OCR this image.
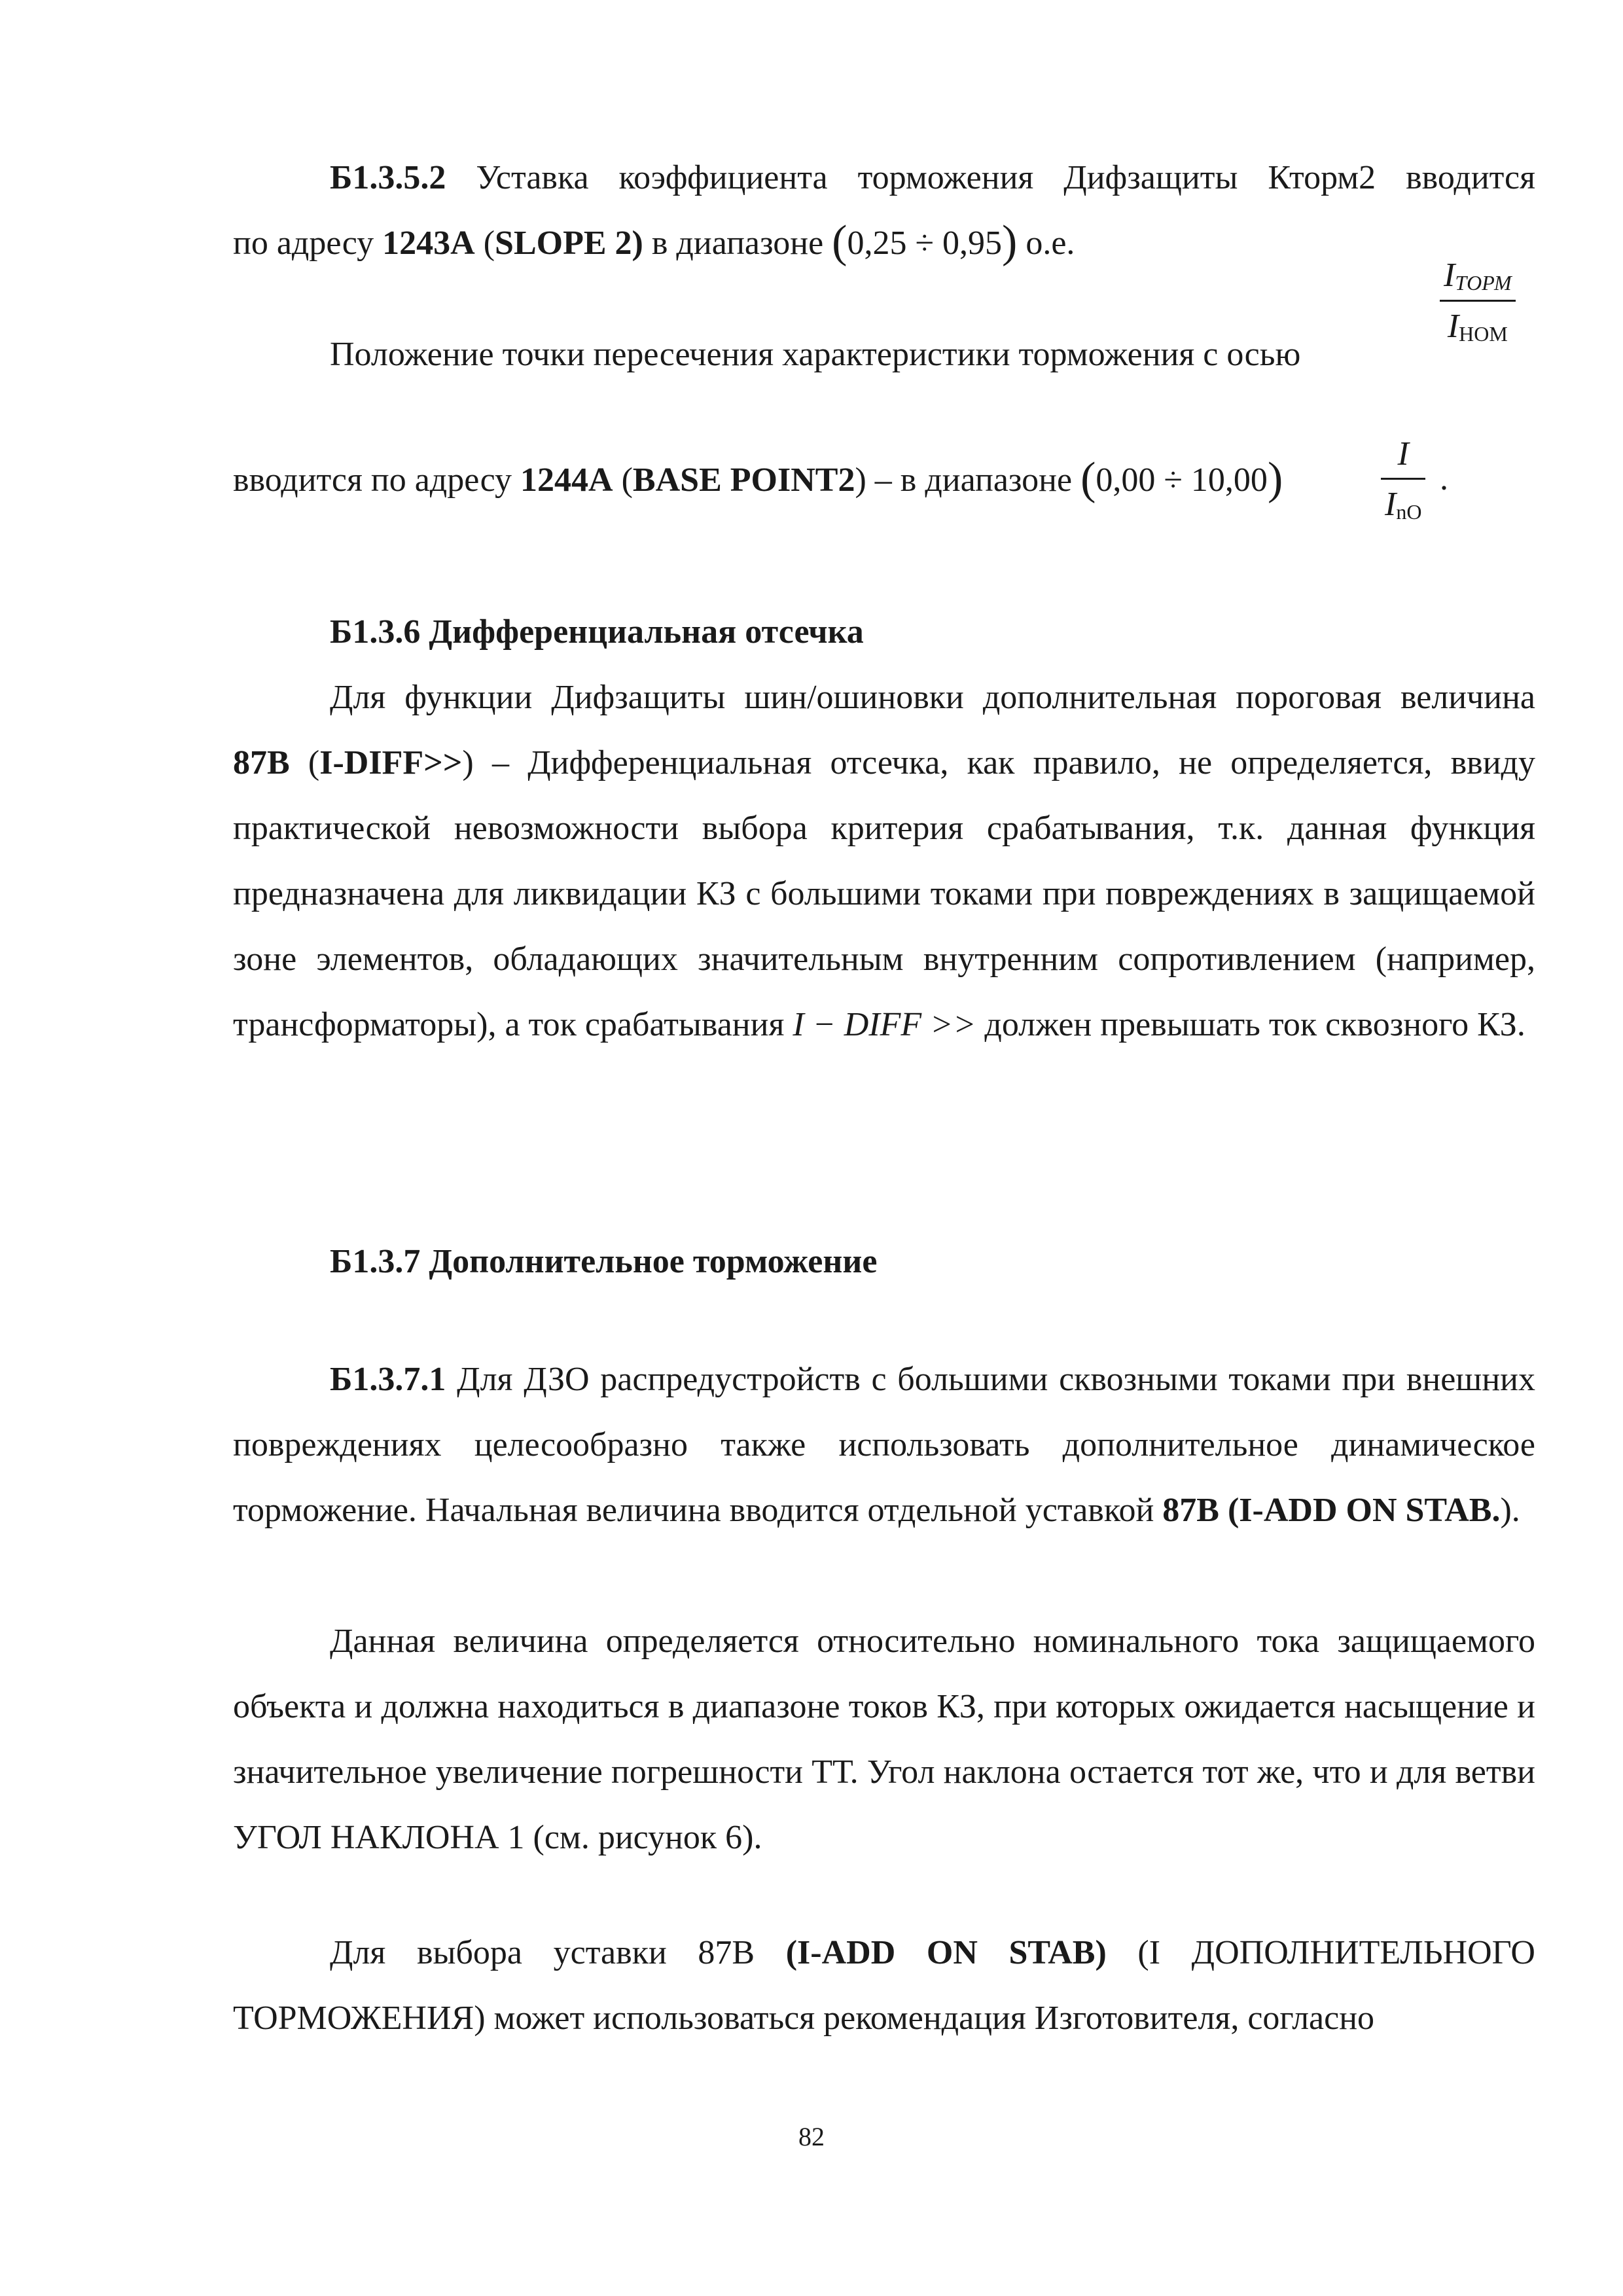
Б1.3.5.2 Уставка коэффициента торможения Дифзащиты Кторм2 вводится

по адресу 1243А (SLOPE 2) в диапазоне (0,25 ÷ 0,95) о.е.
Положение точки пересечения характеристики торможения с осью
$\frac{I_{ТОРМ}}{I_{НОМ}}$
вводится по адресу 1244А (BASE POINT2) – в диапазоне (0,00 ÷ 10,00)	$\frac{I}{I_{nO}}$ .
Б1.3.6 Дифференциальная отсечка

Для функции Дифзащиты шин/ошиновки дополнительная пороговая величина 87B (I-DIFF>>) – Дифференциальная отсечка, как правило, не определяется, ввиду практической невозможности выбора критерия срабатывания, т.к. данная функция предназначена для ликвидации КЗ с большими токами при повреждениях в защищаемой зоне элементов, обладающих значительным внутренним сопротивлением (например, трансформаторы), а ток срабатывания I − DIFF >> должен превышать ток сквозного КЗ.

Б1.3.7 Дополнительное торможение

Б1.3.7.1 Для ДЗО распредустройств с большими сквозными токами при внешних повреждениях целесообразно также использовать дополнительное динамическое торможение. Начальная величина вводится отдельной уставкой 87B (I-ADD ON STAB.).

Данная величина определяется относительно номинального тока защищаемого объекта и должна находиться в диапазоне токов КЗ, при которых ожидается насыщение и значительное увеличение погрешности ТТ. Угол наклона остается тот же, что и для ветви УГОЛ НАКЛОНА 1 (см. рисунок 6).

Для выбора уставки 87В (I-ADD ON STAB) (I ДОПОЛНИТЕЛЬНОГО ТОРМОЖЕНИЯ) может использоваться рекомендация Изготовителя, согласно

82
